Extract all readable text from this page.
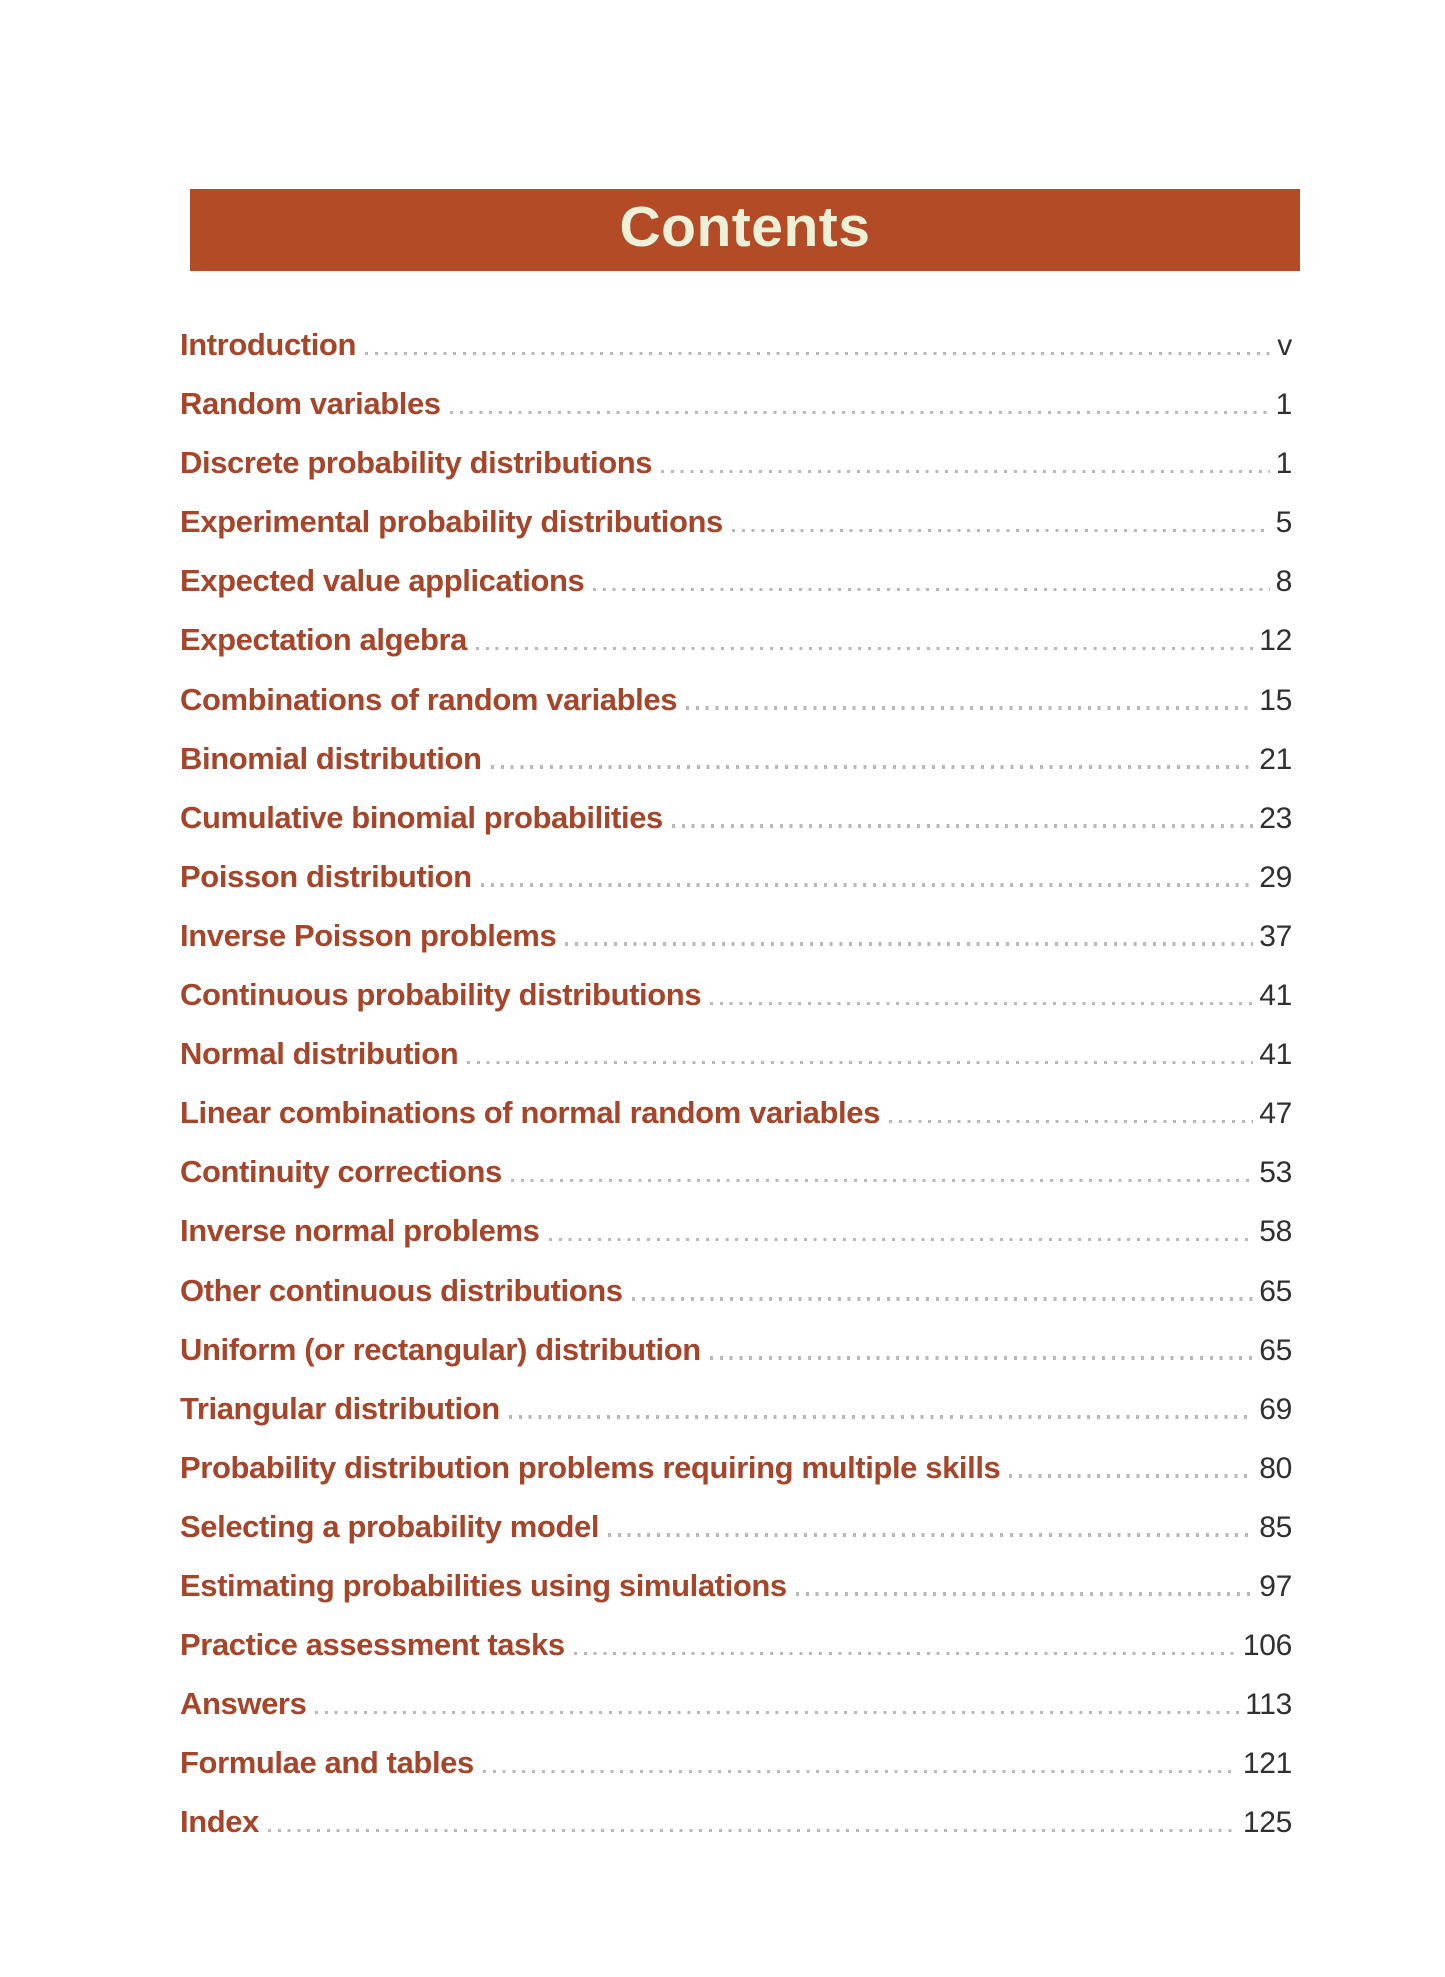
Contents
Introduction	v
Random variables	1
Discrete probability distributions	1
Experimental probability distributions	5
Expected value applications	8
Expectation algebra	12
Combinations of random variables	15
Binomial distribution	21
Cumulative binomial probabilities	23
Poisson distribution	29
Inverse Poisson problems	37
Continuous probability distributions	41
Normal distribution	41
Linear combinations of normal random variables	47
Continuity corrections	53
Inverse normal problems	58
Other continuous distributions	65
Uniform (or rectangular) distribution	65
Triangular distribution	69
Probability distribution problems requiring multiple skills	80
Selecting a probability model	85
Estimating probabilities using simulations	97
Practice assessment tasks	106
Answers	113
Formulae and tables	121
Index	125
